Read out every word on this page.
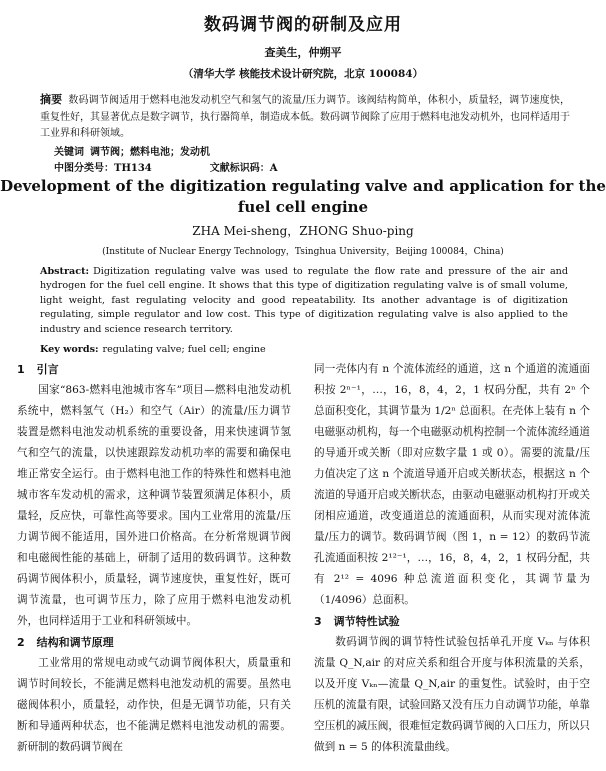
数码调节阀的研制及应用
查美生，仲朔平
（清华大学 核能技术设计研究院，北京 100084）
摘要 数码调节阀适用于燃料电池发动机空气和氢气的流量/压力调节。该阀结构简单，体积小，质量轻，调节速度快，重复性好，其显著优点是数字调节，执行器简单，制造成本低。数码调节阀除了应用于燃料电池发动机外，也同样适用于工业界和科研领域。
关键词 调节阀；燃料电池；发动机
中图分类号：TH134	文献标识码：A
Development of the digitization regulating valve and application for the fuel cell engine
ZHA Mei-sheng，ZHONG Shuo-ping
(Institute of Nuclear Energy Technology，Tsinghua University，Beijing 100084，China)
Abstract: Digitization regulating valve was used to regulate the flow rate and pressure of the air and hydrogen for the fuel cell engine. It shows that this type of digitization regulating valve is of small volume, light weight, fast regulating velocity and good repeatability. Its another advantage is of digitization regulating, simple regulator and low cost. This type of digitization regulating valve is also applied to the industry and science research territory.
Key words: regulating valve; fuel cell; engine
1 引言

国家“863-燃料电池城市客车”项目—燃料电池发动机系统中，燃料氢气（H₂）和空气（Air）的流量/压力调节装置是燃料电池发动机系统的重要设备，用来快速调节氢气和空气的流量，以快速跟踪发动机功率的需要和确保电堆正常安全运行。由于燃料电池工作的特殊性和燃料电池城市客车发动机的需求，这种调节装置须满足体积小，质量轻，反应快，可靠性高等要求。国内工业常用的流量/压力调节阀不能适用，国外进口价格高。在分析常规调节阀和电磁阀性能的基础上，研制了适用的数码调节。这种数码调节阀体积小，质量轻，调节速度快，重复性好，既可调节流量，也可调节压力，除了应用于燃料电池发动机外，也同样适用于工业和科研领域中。

2 结构和调节原理

工业常用的常规电动或气动调节阀体积大，质量重和调节时间较长，不能满足燃料电池发动机的需要。虽然电磁阀体积小，质量轻，动作快，但是无调节功能，只有关断和导通两种状态，也不能满足燃料电池发动机的需要。新研制的数码调节阀在

同一壳体内有 n 个流体流经的通道，这 n 个通道的流通面积按 2ⁿ⁻¹，…，16，8，4，2，1 权码分配，共有 2ⁿ 个总面积变化，其调节量为 1/2ⁿ 总面积。在壳体上装有 n 个电磁驱动机构，每一个电磁驱动机构控制一个流体流经通道的导通开或关断（即对应数字量 1 或 0）。需要的流量/压力值决定了这 n 个流道导通开启或关断状态，根据这 n 个流道的导通开启或关断状态，由驱动电磁驱动机构打开或关闭相应通道，改变通道总的流通面积，从而实现对流体流量/压力的调节。数码调节阀（图 1，n = 12）的数码节流孔流通面积按 2¹²⁻¹，…，16，8，4，2，1 权码分配，共有 2¹² = 4096 种总流道面积变化，其调节量为（1/4096）总面积。

3 调节特性试验

数码调节阀的调节特性试验包括单孔开度 Vₖₙ 与体积流量 Q_N,air 的对应关系和组合开度与体积流量的关系，以及开度 Vₖₙ—流量 Q_N,air 的重复性。试验时，由于空压机的流量有限，试验回路又没有压力自动调节功能，单靠空压机的减压阀，很难恒定数码调节阀的入口压力，所以只做到 n = 5 的体积流量曲线。
